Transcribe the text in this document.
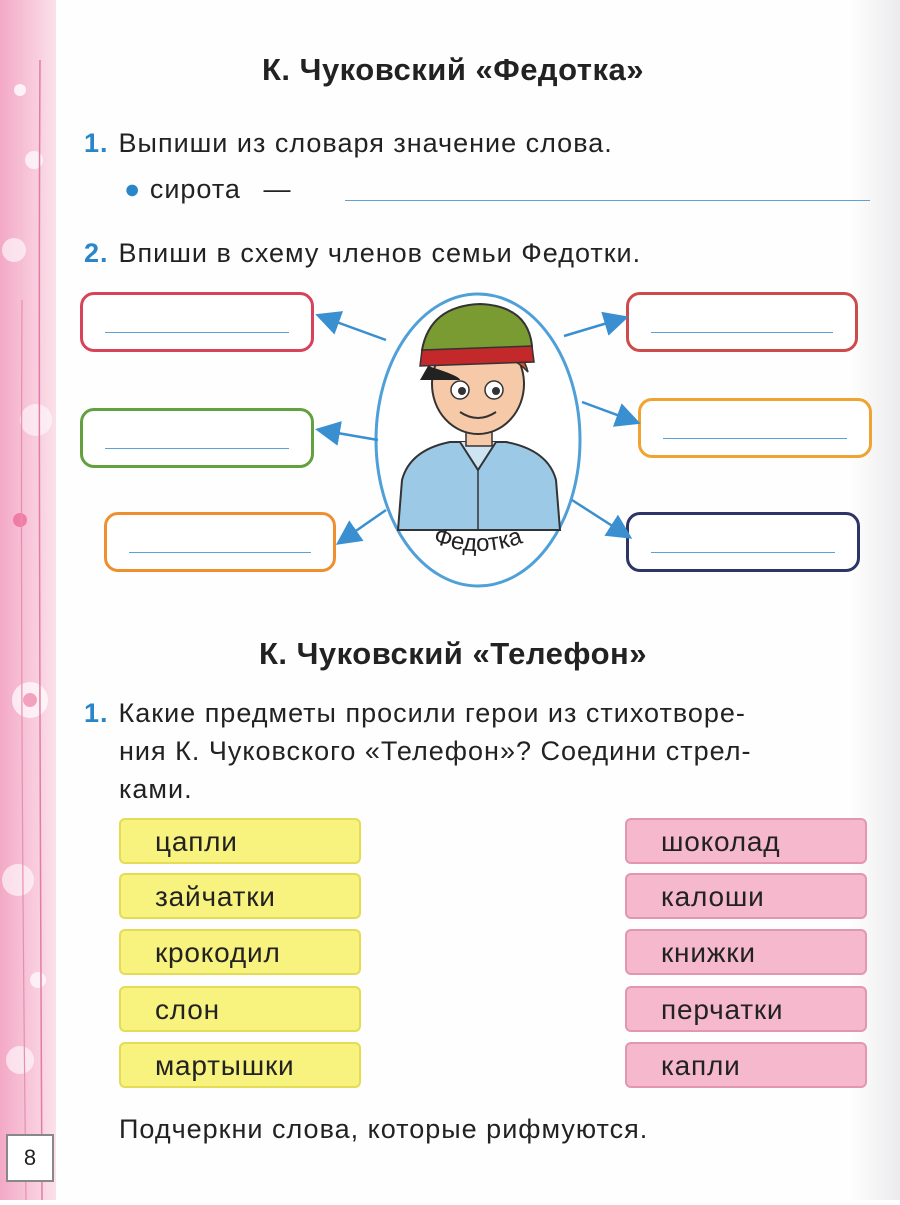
К. Чуковский «Федотка»
1. Выпиши из словаря значение слова.
● сирота —
2. Впиши в схему членов семьи Федотки.
Федотка
К. Чуковский «Телефон»
1. Какие предметы просили герои из стихотворе-
ния К. Чуковского «Телефон»? Соедини стрел-
ками.
цапли
зайчатки
крокодил
слон
мартышки
шоколад
калоши
книжки
перчатки
капли
Подчеркни слова, которые рифмуются.
8
